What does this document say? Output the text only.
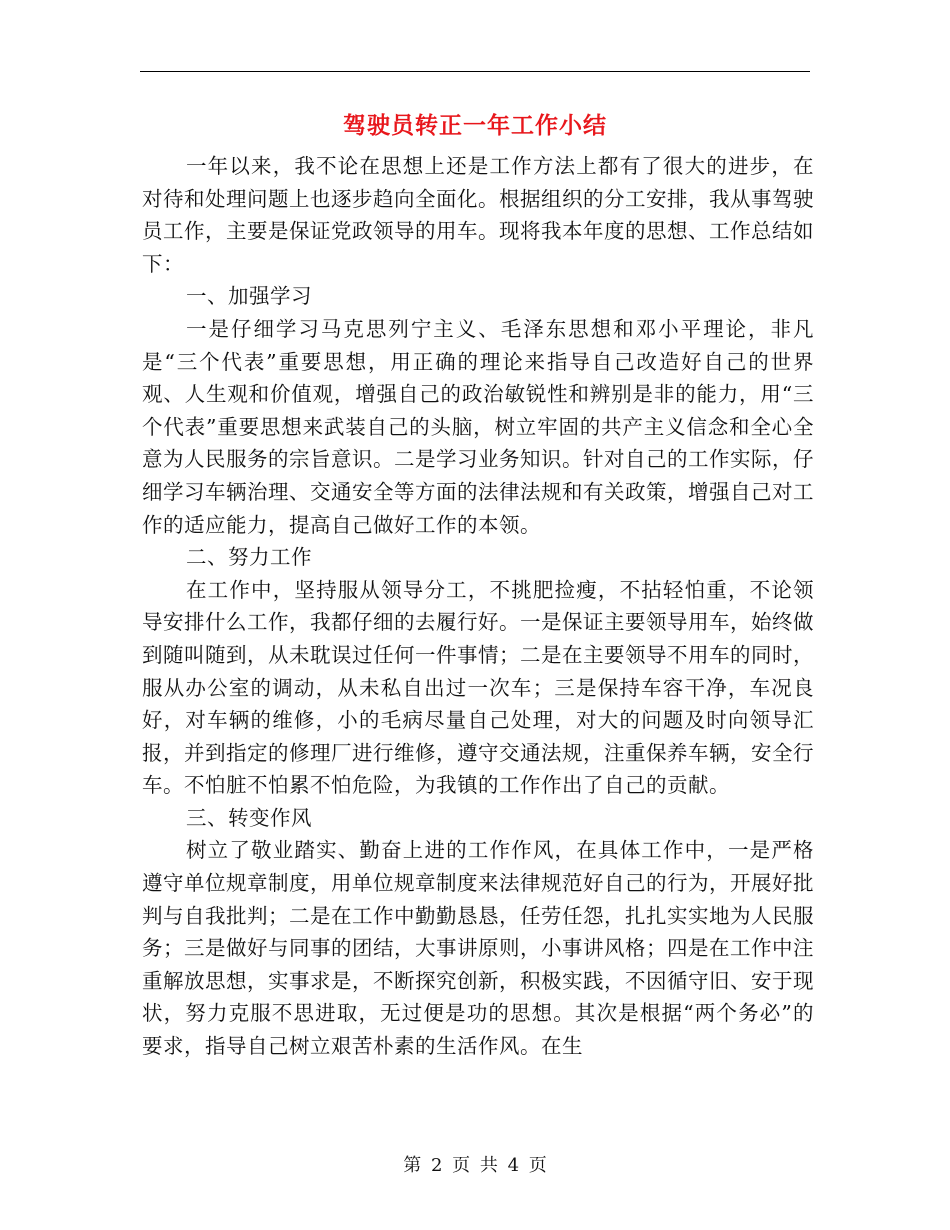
驾驶员转正一年工作小结

一年以来，我不论在思想上还是工作方法上都有了很大的进步，在对待和处理问题上也逐步趋向全面化。根据组织的分工安排，我从事驾驶员工作，主要是保证党政领导的用车。现将我本年度的思想、工作总结如下：

一、加强学习

一是仔细学习马克思列宁主义、毛泽东思想和邓小平理论，非凡是“三个代表”重要思想，用正确的理论来指导自己改造好自己的世界观、人生观和价值观，增强自己的政治敏锐性和辨别是非的能力，用“三个代表”重要思想来武装自己的头脑，树立牢固的共产主义信念和全心全意为人民服务的宗旨意识。二是学习业务知识。针对自己的工作实际，仔细学习车辆治理、交通安全等方面的法律法规和有关政策，增强自己对工作的适应能力，提高自己做好工作的本领。

二、努力工作

在工作中，坚持服从领导分工，不挑肥捡瘦，不拈轻怕重，不论领导安排什么工作，我都仔细的去履行好。一是保证主要领导用车，始终做到随叫随到，从未耽误过任何一件事情；二是在主要领导不用车的同时，服从办公室的调动，从未私自出过一次车；三是保持车容干净，车况良好，对车辆的维修，小的毛病尽量自己处理，对大的问题及时向领导汇报，并到指定的修理厂进行维修，遵守交通法规，注重保养车辆，安全行车。不怕脏不怕累不怕危险，为我镇的工作作出了自己的贡献。

三、转变作风

树立了敬业踏实、勤奋上进的工作作风，在具体工作中，一是严格遵守单位规章制度，用单位规章制度来法律规范好自己的行为，开展好批判与自我批判；二是在工作中勤勤恳恳，任劳任怨，扎扎实实地为人民服务；三是做好与同事的团结，大事讲原则，小事讲风格；四是在工作中注重解放思想，实事求是，不断探究创新，积极实践，不因循守旧、安于现状，努力克服不思进取，无过便是功的思想。其次是根据“两个务必”的要求，指导自己树立艰苦朴素的生活作风。在生

第 2 页 共 4 页
